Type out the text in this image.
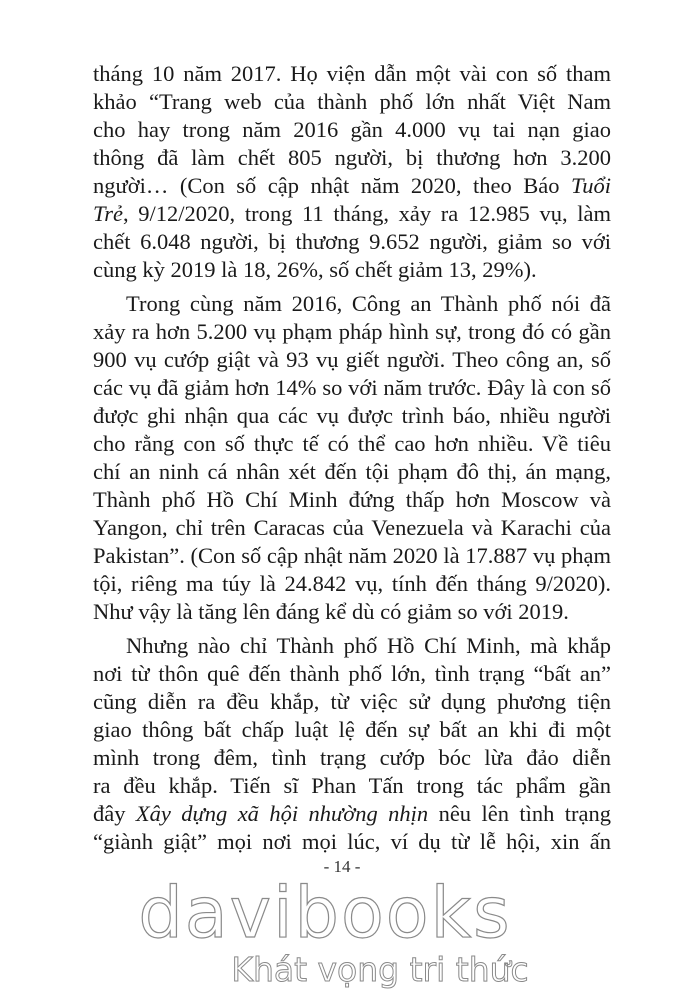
tháng 10 năm 2017. Họ viện dẫn một vài con số tham
khảo “Trang web của thành phố lớn nhất Việt Nam
cho hay trong năm 2016 gần 4.000 vụ tai nạn giao
thông đã làm chết 805 người, bị thương hơn 3.200
người… (Con số cập nhật năm 2020, theo Báo Tuổi
Trẻ, 9/12/2020, trong 11 tháng, xảy ra 12.985 vụ, làm
chết 6.048 người, bị thương 9.652 người, giảm so với
cùng kỳ 2019 là 18, 26%, số chết giảm 13, 29%).
Trong cùng năm 2016, Công an Thành phố nói đã
xảy ra hơn 5.200 vụ phạm pháp hình sự, trong đó có gần
900 vụ cướp giật và 93 vụ giết người. Theo công an, số
các vụ đã giảm hơn 14% so với năm trước. Đây là con số
được ghi nhận qua các vụ được trình báo, nhiều người
cho rằng con số thực tế có thể cao hơn nhiều. Về tiêu
chí an ninh cá nhân xét đến tội phạm đô thị, án mạng,
Thành phố Hồ Chí Minh đứng thấp hơn Moscow và
Yangon, chỉ trên Caracas của Venezuela và Karachi của
Pakistan”. (Con số cập nhật năm 2020 là 17.887 vụ phạm
tội, riêng ma túy là 24.842 vụ, tính đến tháng 9/2020).
Như vậy là tăng lên đáng kể dù có giảm so với 2019.
Nhưng nào chỉ Thành phố Hồ Chí Minh, mà khắp
nơi từ thôn quê đến thành phố lớn, tình trạng “bất an”
cũng diễn ra đều khắp, từ việc sử dụng phương tiện
giao thông bất chấp luật lệ đến sự bất an khi đi một
mình trong đêm, tình trạng cướp bóc lừa đảo diễn
ra đều khắp. Tiến sĩ Phan Tấn trong tác phẩm gần
đây Xây dựng xã hội nhường nhịn nêu lên tình trạng
“giành giật” mọi nơi mọi lúc, ví dụ từ lễ hội, xin ấn
- 14 -
davibooks
Khát vọng tri thức
